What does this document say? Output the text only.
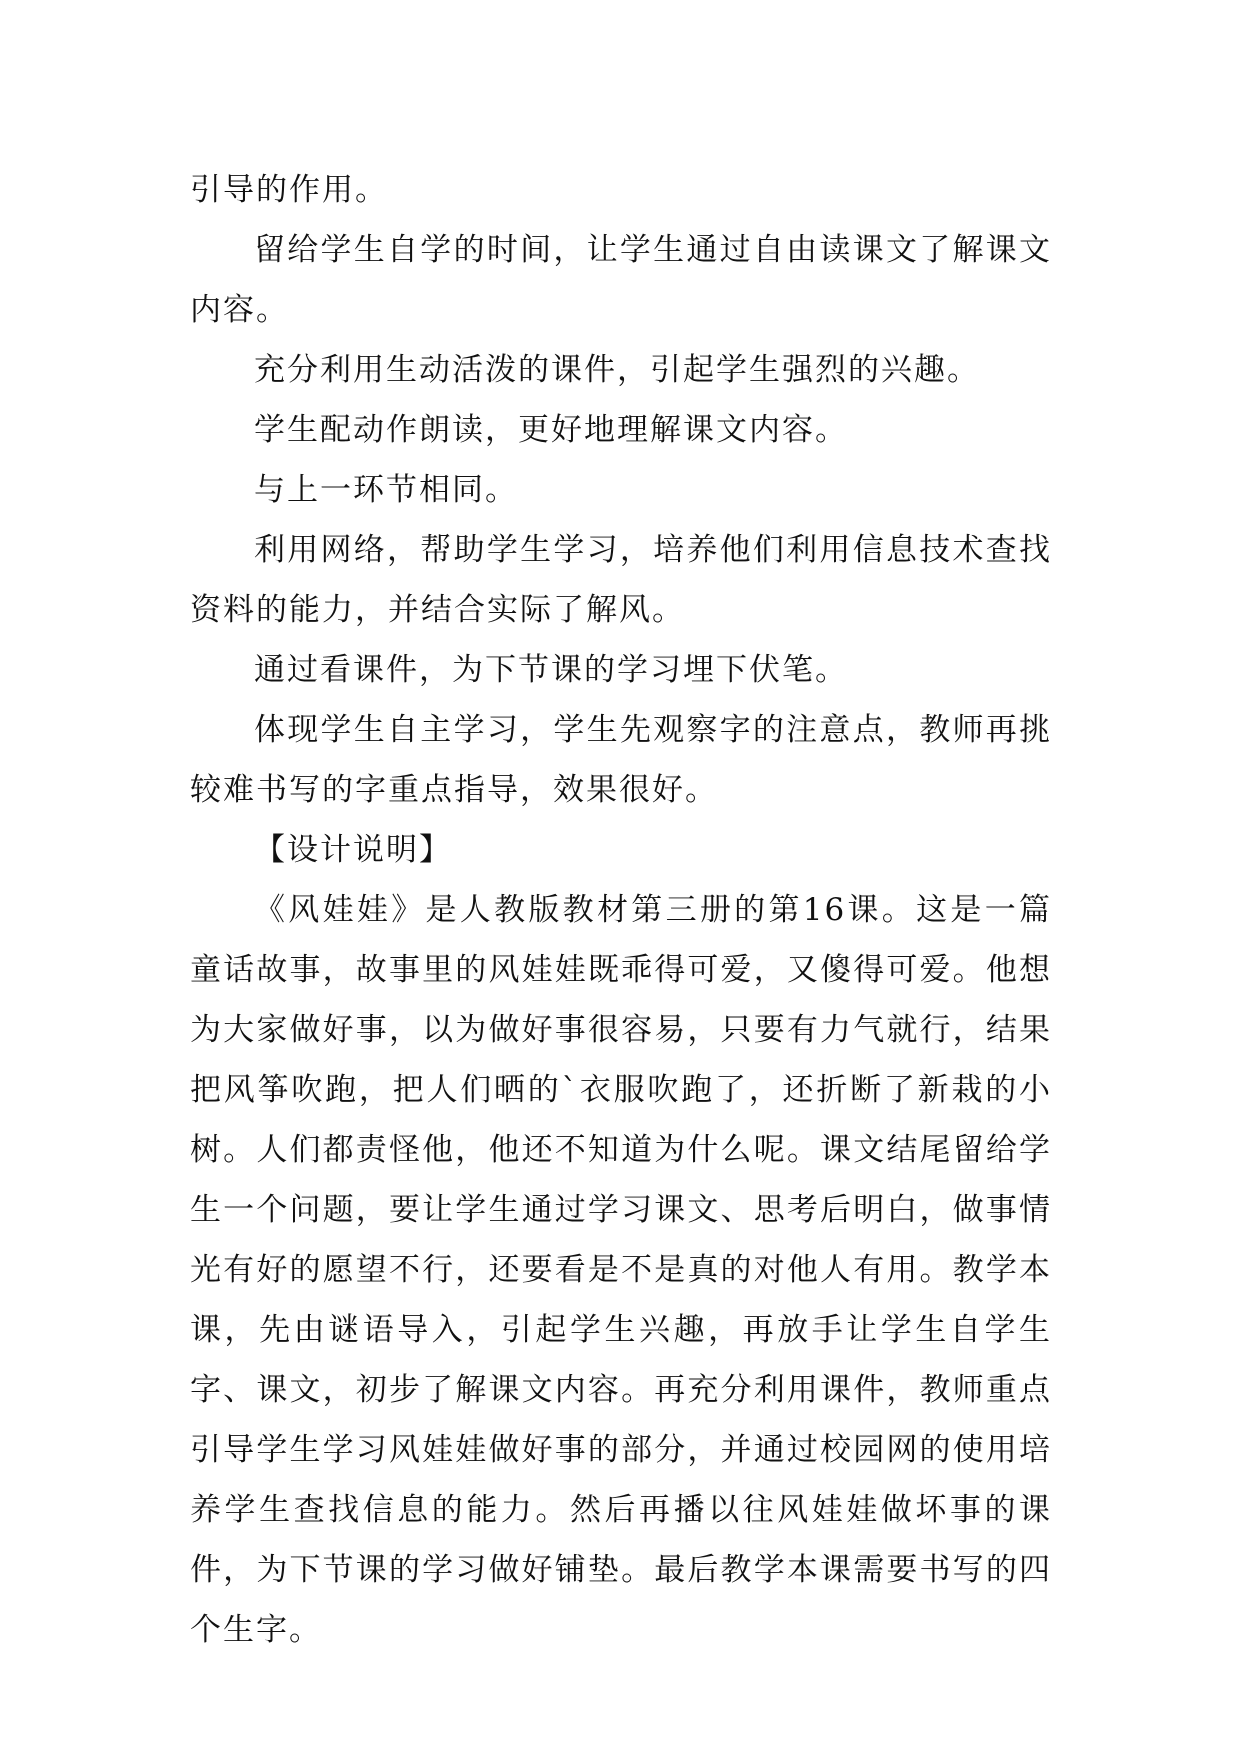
引导的作用。

留给学生自学的时间，让学生通过自由读课文了解课文内容。

充分利用生动活泼的课件，引起学生强烈的兴趣。

学生配动作朗读，更好地理解课文内容。

与上一环节相同。

利用网络，帮助学生学习，培养他们利用信息技术查找资料的能力，并结合实际了解风。

通过看课件，为下节课的学习埋下伏笔。

体现学生自主学习，学生先观察字的注意点，教师再挑较难书写的字重点指导，效果很好。

【设计说明】

《风娃娃》是人教版教材第三册的第16课。这是一篇童话故事，故事里的风娃娃既乖得可爱，又傻得可爱。他想为大家做好事，以为做好事很容易，只要有力气就行，结果把风筝吹跑，把人们晒的`衣服吹跑了，还折断了新栽的小树。人们都责怪他，他还不知道为什么呢。课文结尾留给学生一个问题，要让学生通过学习课文、思考后明白，做事情光有好的愿望不行，还要看是不是真的对他人有用。教学本课，先由谜语导入，引起学生兴趣，再放手让学生自学生字、课文，初步了解课文内容。再充分利用课件，教师重点引导学生学习风娃娃做好事的部分，并通过校园网的使用培养学生查找信息的能力。然后再播以往风娃娃做坏事的课件，为下节课的学习做好铺垫。最后教学本课需要书写的四个生字。
